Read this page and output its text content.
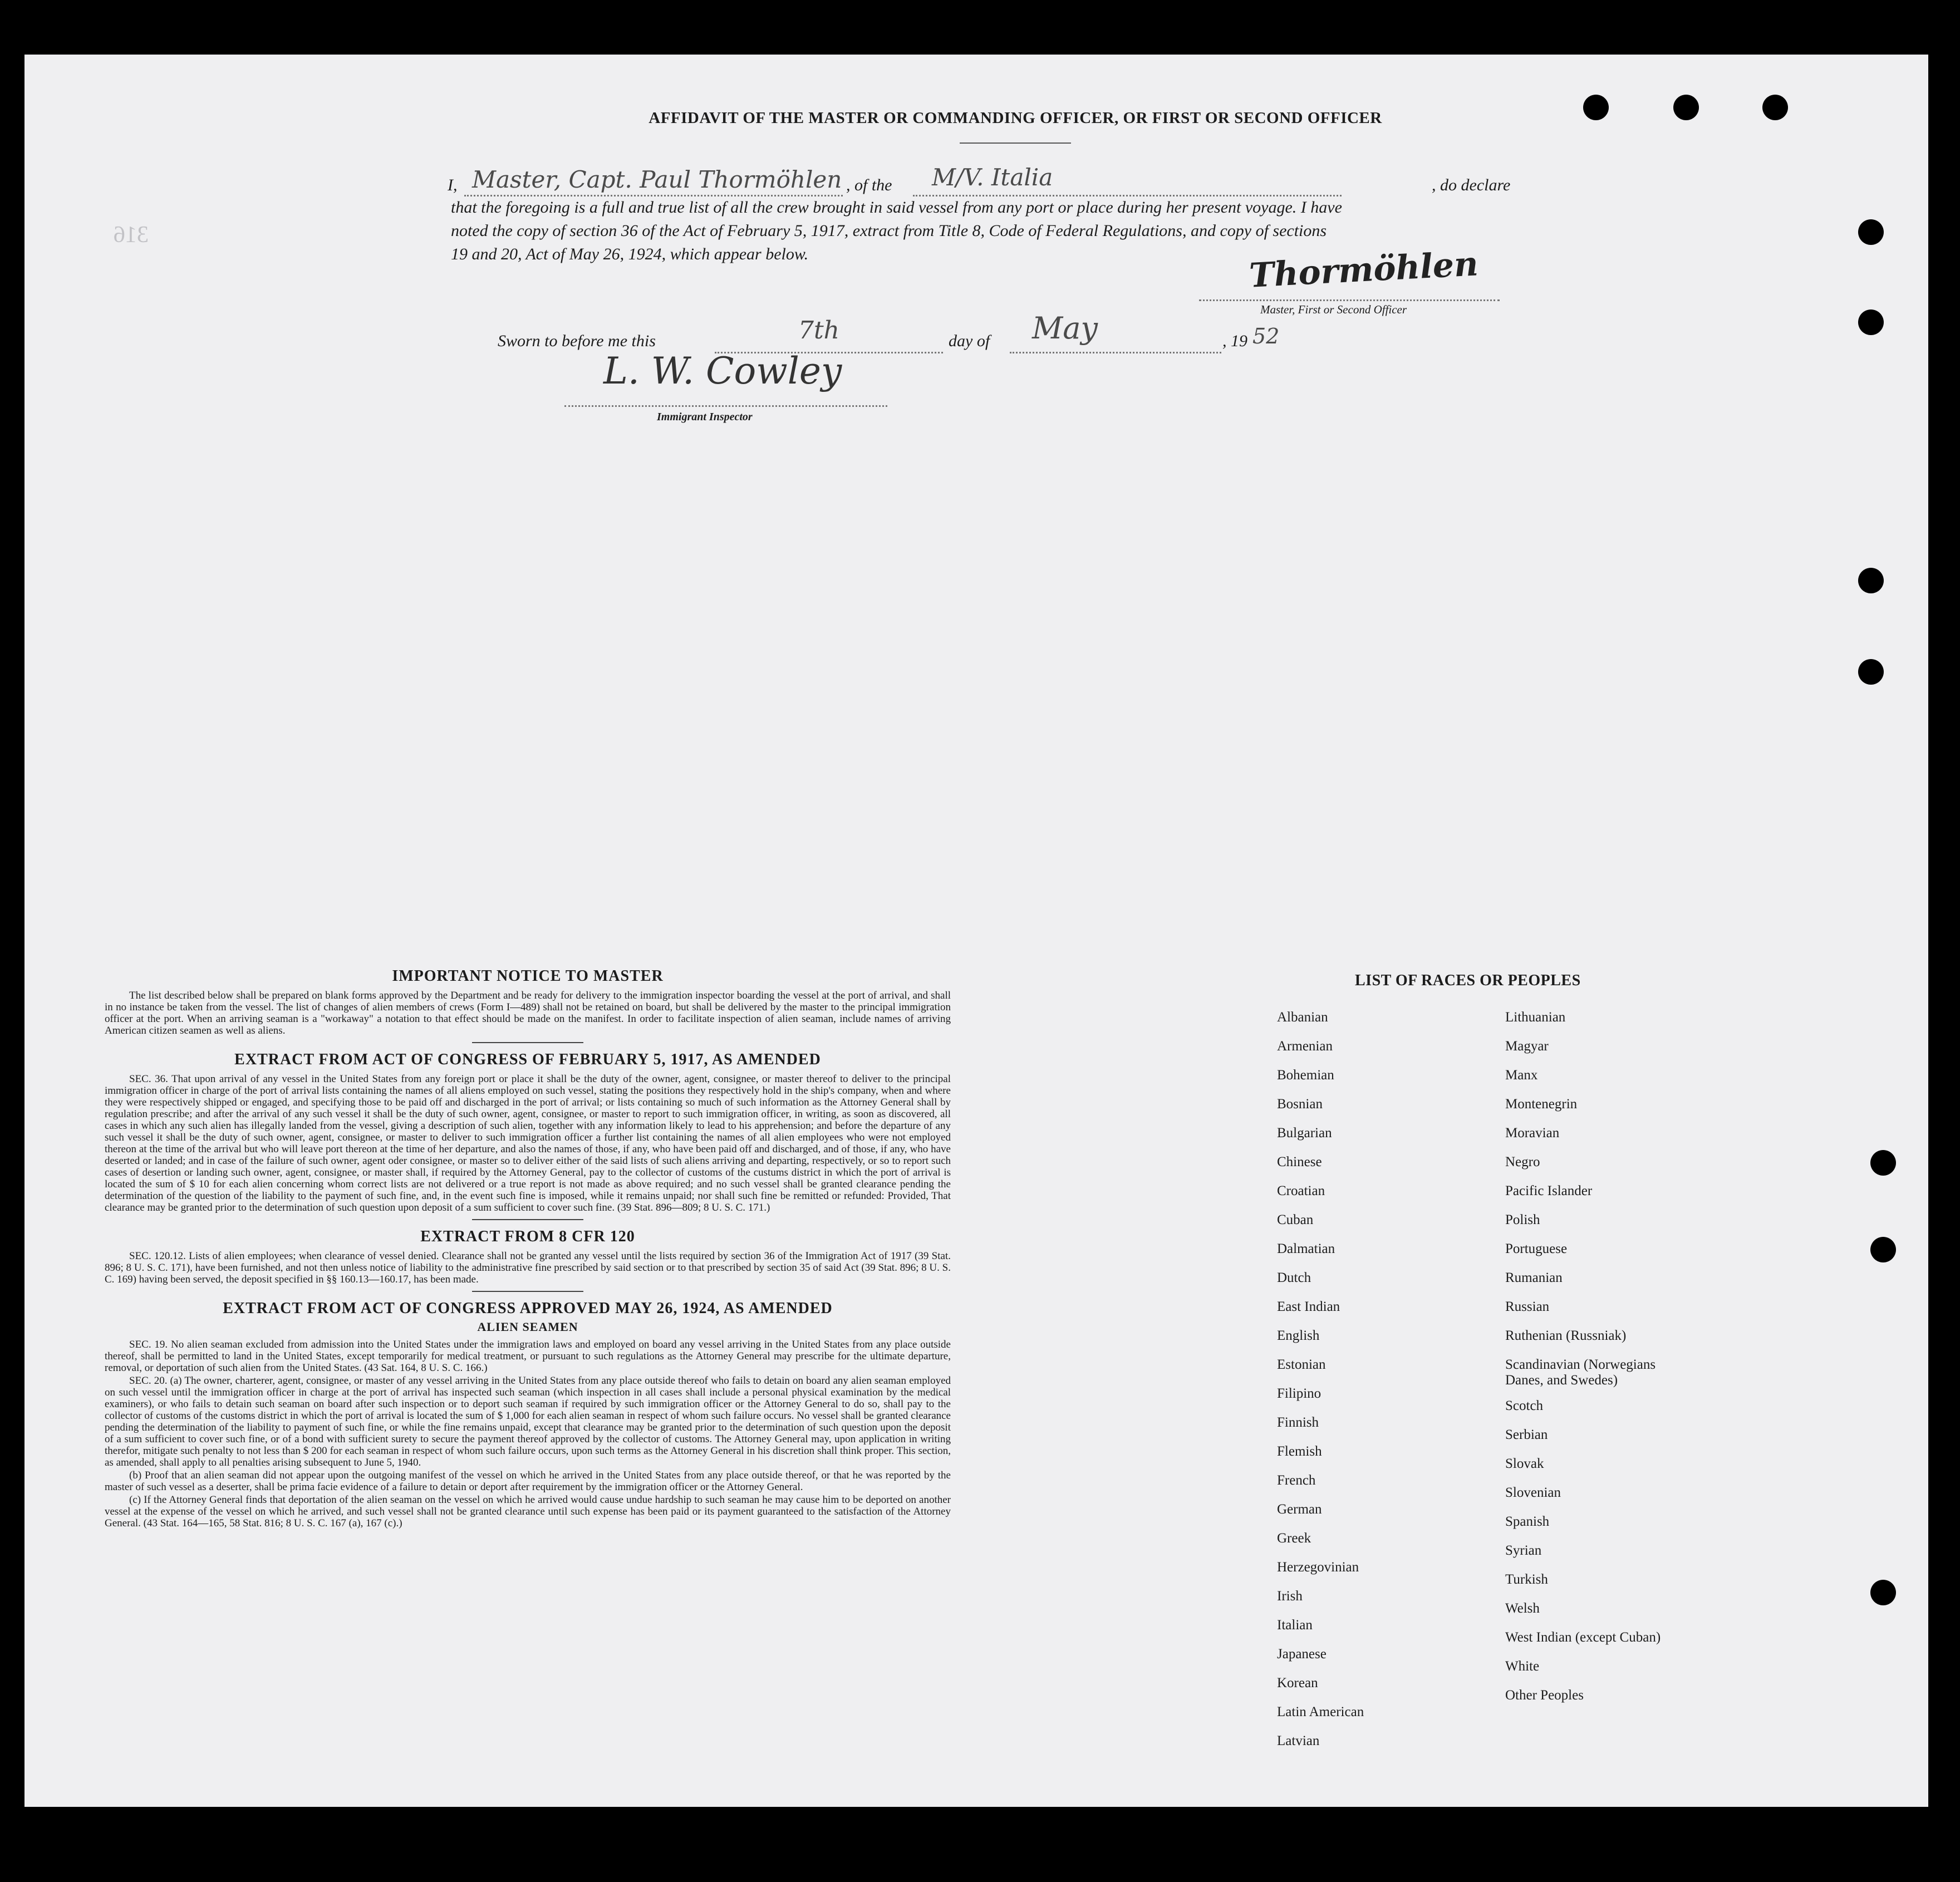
316
AFFIDAVIT OF THE MASTER OR COMMANDING OFFICER, OR FIRST OR SECOND OFFICER
I, Master, Capt. Paul Thormöhlen , of the M/V. Italia	, do declare
that the foregoing is a full and true list of all the crew brought in said vessel from any port or place during her present voyage. I have
noted the copy of section 36 of the Act of February 5, 1917, extract from Title 8, Code of Federal Regulations, and copy of sections
19 and 20, Act of May 26, 1924, which appear below.	Thormöhlen
Master, First or Second Officer
Sworn to before me this	7th	day of May	, 19 52
L. W. Cowley
Immigrant Inspector
IMPORTANT NOTICE TO MASTER

The list described below shall be prepared on blank forms approved by the Department and be ready for delivery to the immigration inspector boarding the vessel at the port of arrival, and shall in no instance be taken from the vessel. The list of changes of alien members of crews (Form I—489) shall not be retained on board, but shall be delivered by the master to the principal immigration officer at the port. When an arriving seaman is a "workaway" a notation to that effect should be made on the manifest. In order to facilitate inspection of alien seaman, include names of arriving American citizen seamen as well as aliens.

EXTRACT FROM ACT OF CONGRESS OF FEBRUARY 5, 1917, AS AMENDED

SEC. 36. That upon arrival of any vessel in the United States from any foreign port or place it shall be the duty of the owner, agent, consignee, or master thereof to deliver to the principal immigration officer in charge of the port of arrival lists containing the names of all aliens employed on such vessel, stating the positions they respectively hold in the ship's company, when and where they were respectively shipped or engaged, and specifying those to be paid off and discharged in the port of arrival; or lists containing so much of such information as the Attorney General shall by regulation prescribe; and after the arrival of any such vessel it shall be the duty of such owner, agent, consignee, or master to report to such immigration officer, in writing, as soon as discovered, all cases in which any such alien has illegally landed from the vessel, giving a description of such alien, together with any information likely to lead to his apprehension; and before the departure of any such vessel it shall be the duty of such owner, agent, consignee, or master to deliver to such immigration officer a further list containing the names of all alien employees who were not employed thereon at the time of the arrival but who will leave port thereon at the time of her departure, and also the names of those, if any, who have been paid off and discharged, and of those, if any, who have deserted or landed; and in case of the failure of such owner, agent oder consignee, or master so to deliver either of the said lists of such aliens arriving and departing, respectively, or so to report such cases of desertion or landing such owner, agent, consignee, or master shall, if required by the Attorney General, pay to the collector of customs of the custums district in which the port of arrival is located the sum of $ 10 for each alien concerning whom correct lists are not delivered or a true report is not made as above required; and no such vessel shall be granted clearance pending the determination of the question of the liability to the payment of such fine, and, in the event such fine is imposed, while it remains unpaid; nor shall such fine be remitted or refunded: Provided, That clearance may be granted prior to the determination of such question upon deposit of a sum sufficient to cover such fine. (39 Stat. 896—809; 8 U. S. C. 171.)

EXTRACT FROM 8 CFR 120

SEC. 120.12. Lists of alien employees; when clearance of vessel denied. Clearance shall not be granted any vessel until the lists required by section 36 of the Immigration Act of 1917 (39 Stat. 896; 8 U. S. C. 171), have been furnished, and not then unless notice of liability to the administrative fine prescribed by said section or to that prescribed by section 35 of said Act (39 Stat. 896; 8 U. S. C. 169) having been served, the deposit specified in §§ 160.13—160.17, has been made.

EXTRACT FROM ACT OF CONGRESS APPROVED MAY 26, 1924, AS AMENDED
ALIEN SEAMEN

SEC. 19. No alien seaman excluded from admission into the United States under the immigration laws and employed on board any vessel arriving in the United States from any place outside thereof, shall be permitted to land in the United States, except temporarily for medical treatment, or pursuant to such regulations as the Attorney General may prescribe for the ultimate departure, removal, or deportation of such alien from the United States. (43 Sat. 164, 8 U. S. C. 166.)

SEC. 20. (a) The owner, charterer, agent, consignee, or master of any vessel arriving in the United States from any place outside thereof who fails to detain on board any alien seaman employed on such vessel until the immigration officer in charge at the port of arrival has inspected such seaman (which inspection in all cases shall include a personal physical examination by the medical examiners), or who fails to detain such seaman on board after such inspection or to deport such seaman if required by such immigration officer or the Attorney General to do so, shall pay to the collector of customs of the customs district in which the port of arrival is located the sum of $ 1,000 for each alien seaman in respect of whom such failure occurs. No vessel shall be granted clearance pending the determination of the liability to payment of such fine, or while the fine remains unpaid, except that clearance may be granted prior to the determination of such question upon the deposit of a sum sufficient to cover such fine, or of a bond with sufficient surety to secure the payment thereof approved by the collector of customs. The Attorney General may, upon application in writing therefor, mitigate such penalty to not less than $ 200 for each seaman in respect of whom such failure occurs, upon such terms as the Attorney General in his discretion shall think proper. This section, as amended, shall apply to all penalties arising subsequent to June 5, 1940.

(b) Proof that an alien seaman did not appear upon the outgoing manifest of the vessel on which he arrived in the United States from any place outside thereof, or that he was reported by the master of such vessel as a deserter, shall be prima facie evidence of a failure to detain or deport after requirement by the immigration officer or the Attorney General.

(c) If the Attorney General finds that deportation of the alien seaman on the vessel on which he arrived would cause undue hardship to such seaman he may cause him to be deported on another vessel at the expense of the vessel on which he arrived, and such vessel shall not be granted clearance until such expense has been paid or its payment guaranteed to the satisfaction of the Attorney General. (43 Stat. 164—165, 58 Stat. 816; 8 U. S. C. 167 (a), 167 (c).)

LIST OF RACES OR PEOPLES
Albanian
Armenian
Bohemian
Bosnian
Bulgarian
Chinese
Croatian
Cuban
Dalmatian
Dutch
East Indian
English
Estonian
Filipino
Finnish
Flemish
French
German
Greek
Herzegovinian
Irish
Italian
Japanese
Korean
Latin American
Latvian
Lithuanian
Magyar
Manx
Montenegrin
Moravian
Negro
Pacific Islander
Polish
Portuguese
Rumanian
Russian
Ruthenian (Russniak)
Scandinavian (Norwegians
Danes, and Swedes)
Scotch
Serbian
Slovak
Slovenian
Spanish
Syrian
Turkish
Welsh
West Indian (except Cuban)
White
Other Peoples
